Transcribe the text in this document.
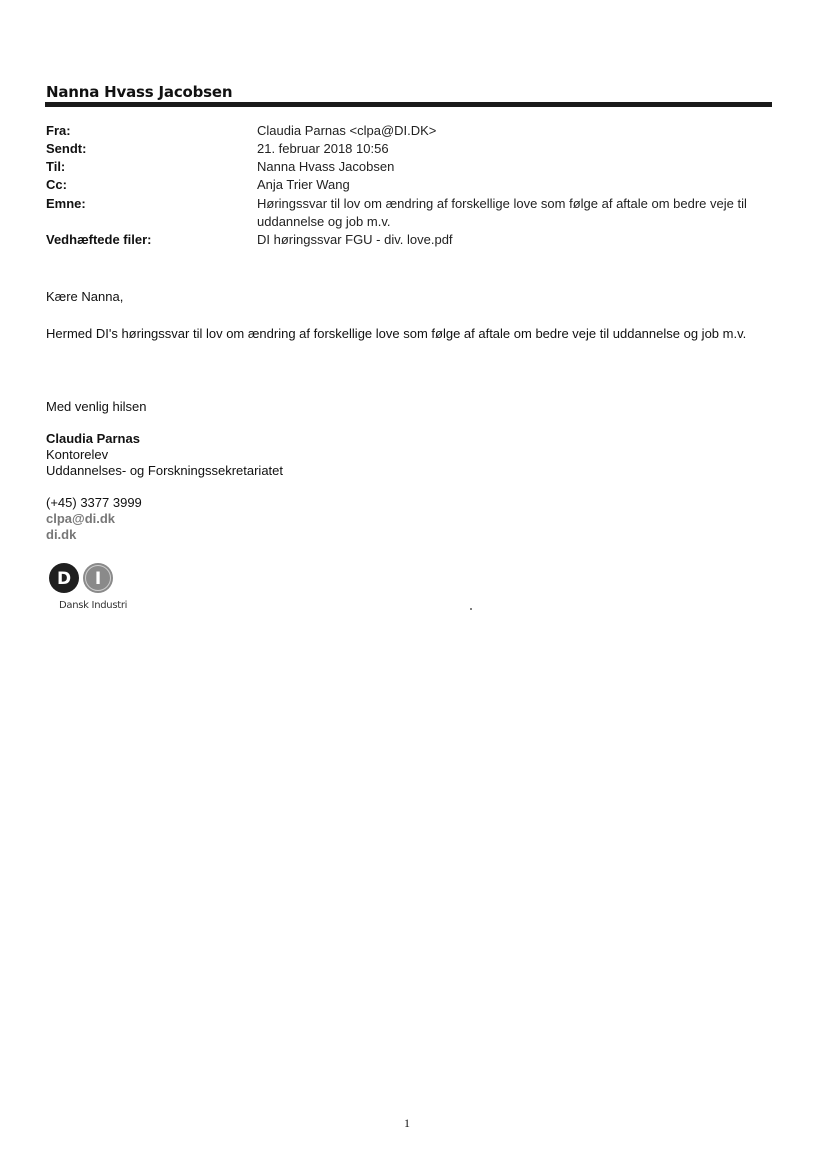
Nanna Hvass Jacobsen
Fra:	Claudia Parnas <clpa@DI.DK>
Sendt:	21. februar 2018 10:56
Til:	Nanna Hvass Jacobsen
Cc:	Anja Trier Wang
Emne:	Høringssvar til lov om ændring af forskellige love som følge af aftale om bedre veje til uddannelse og job m.v.
Vedhæftede filer:	DI høringssvar FGU - div. love.pdf
Kære Nanna,
Hermed DI's høringssvar til lov om ændring af forskellige love som følge af aftale om bedre veje til uddannelse og job m.v.
Med venlig hilsen
Claudia Parnas
Kontorelev
Uddannelses- og Forskningssekretariatet
(+45) 3377 3999
clpa@di.dk
di.dk
D I
Dansk Industri
1
